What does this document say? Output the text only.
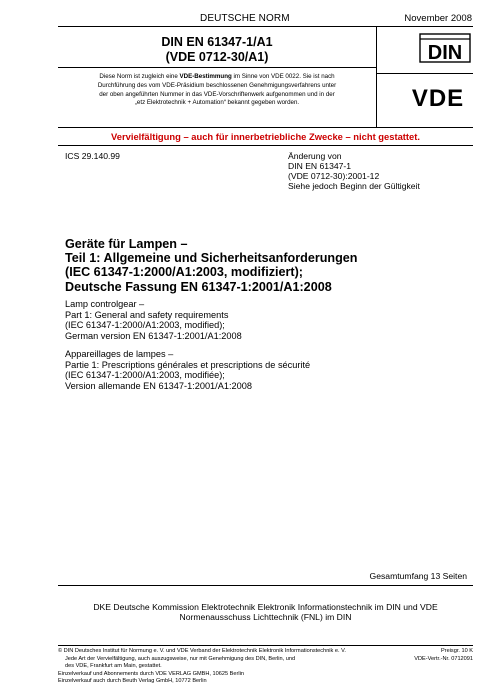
DEUTSCHE NORM	November 2008
DIN EN 61347-1/A1
(VDE 0712-30/A1)
Diese Norm ist zugleich eine VDE-Bestimmung im Sinne von VDE 0022. Sie ist nach
Durchführung des vom VDE-Präsidium beschlossenen Genehmigungsverfahrens unter
der oben angeführten Nummer in das VDE-Vorschriftenwerk aufgenommen und in der
„etz Elektrotechnik + Automation“ bekannt gegeben worden.
DIN
VDE
Vervielfältigung – auch für innerbetriebliche Zwecke – nicht gestattet.
ICS 29.140.99	Änderung von
DIN EN 61347-1
(VDE 0712-30):2001-12
Siehe jedoch Beginn der Gültigkeit
Geräte für Lampen –
Teil 1: Allgemeine und Sicherheitsanforderungen
(IEC 61347-1:2000/A1:2003, modifiziert);
Deutsche Fassung EN 61347-1:2001/A1:2008
Lamp controlgear –
Part 1: General and safety requirements
(IEC 61347-1:2000/A1:2003, modified);
German version EN 61347-1:2001/A1:2008
Appareillages de lampes –
Partie 1: Prescriptions générales et prescriptions de sécurité
(IEC 61347-1:2000/A1:2003, modifiée);
Version allemande EN 61347-1:2001/A1:2008
Gesamtumfang 13 Seiten
DKE Deutsche Kommission Elektrotechnik Elektronik Informationstechnik im DIN und VDE
Normenausschuss Lichttechnik (FNL) im DIN
© DIN Deutsches Institut für Normung e. V. und VDE Verband der Elektrotechnik Elektronik Informationstechnik e. V.
Jede Art der Vervielfältigung, auch auszugsweise, nur mit Genehmigung des DIN, Berlin, und
des VDE, Frankfurt am Main, gestattet.
Einzelverkauf und Abonnements durch VDE VERLAG GMBH, 10625 Berlin
Einzelverkauf auch durch Beuth Verlag GmbH, 10772 Berlin
Preisgr. 10 K
VDE-Vertr.-Nr. 0712091
